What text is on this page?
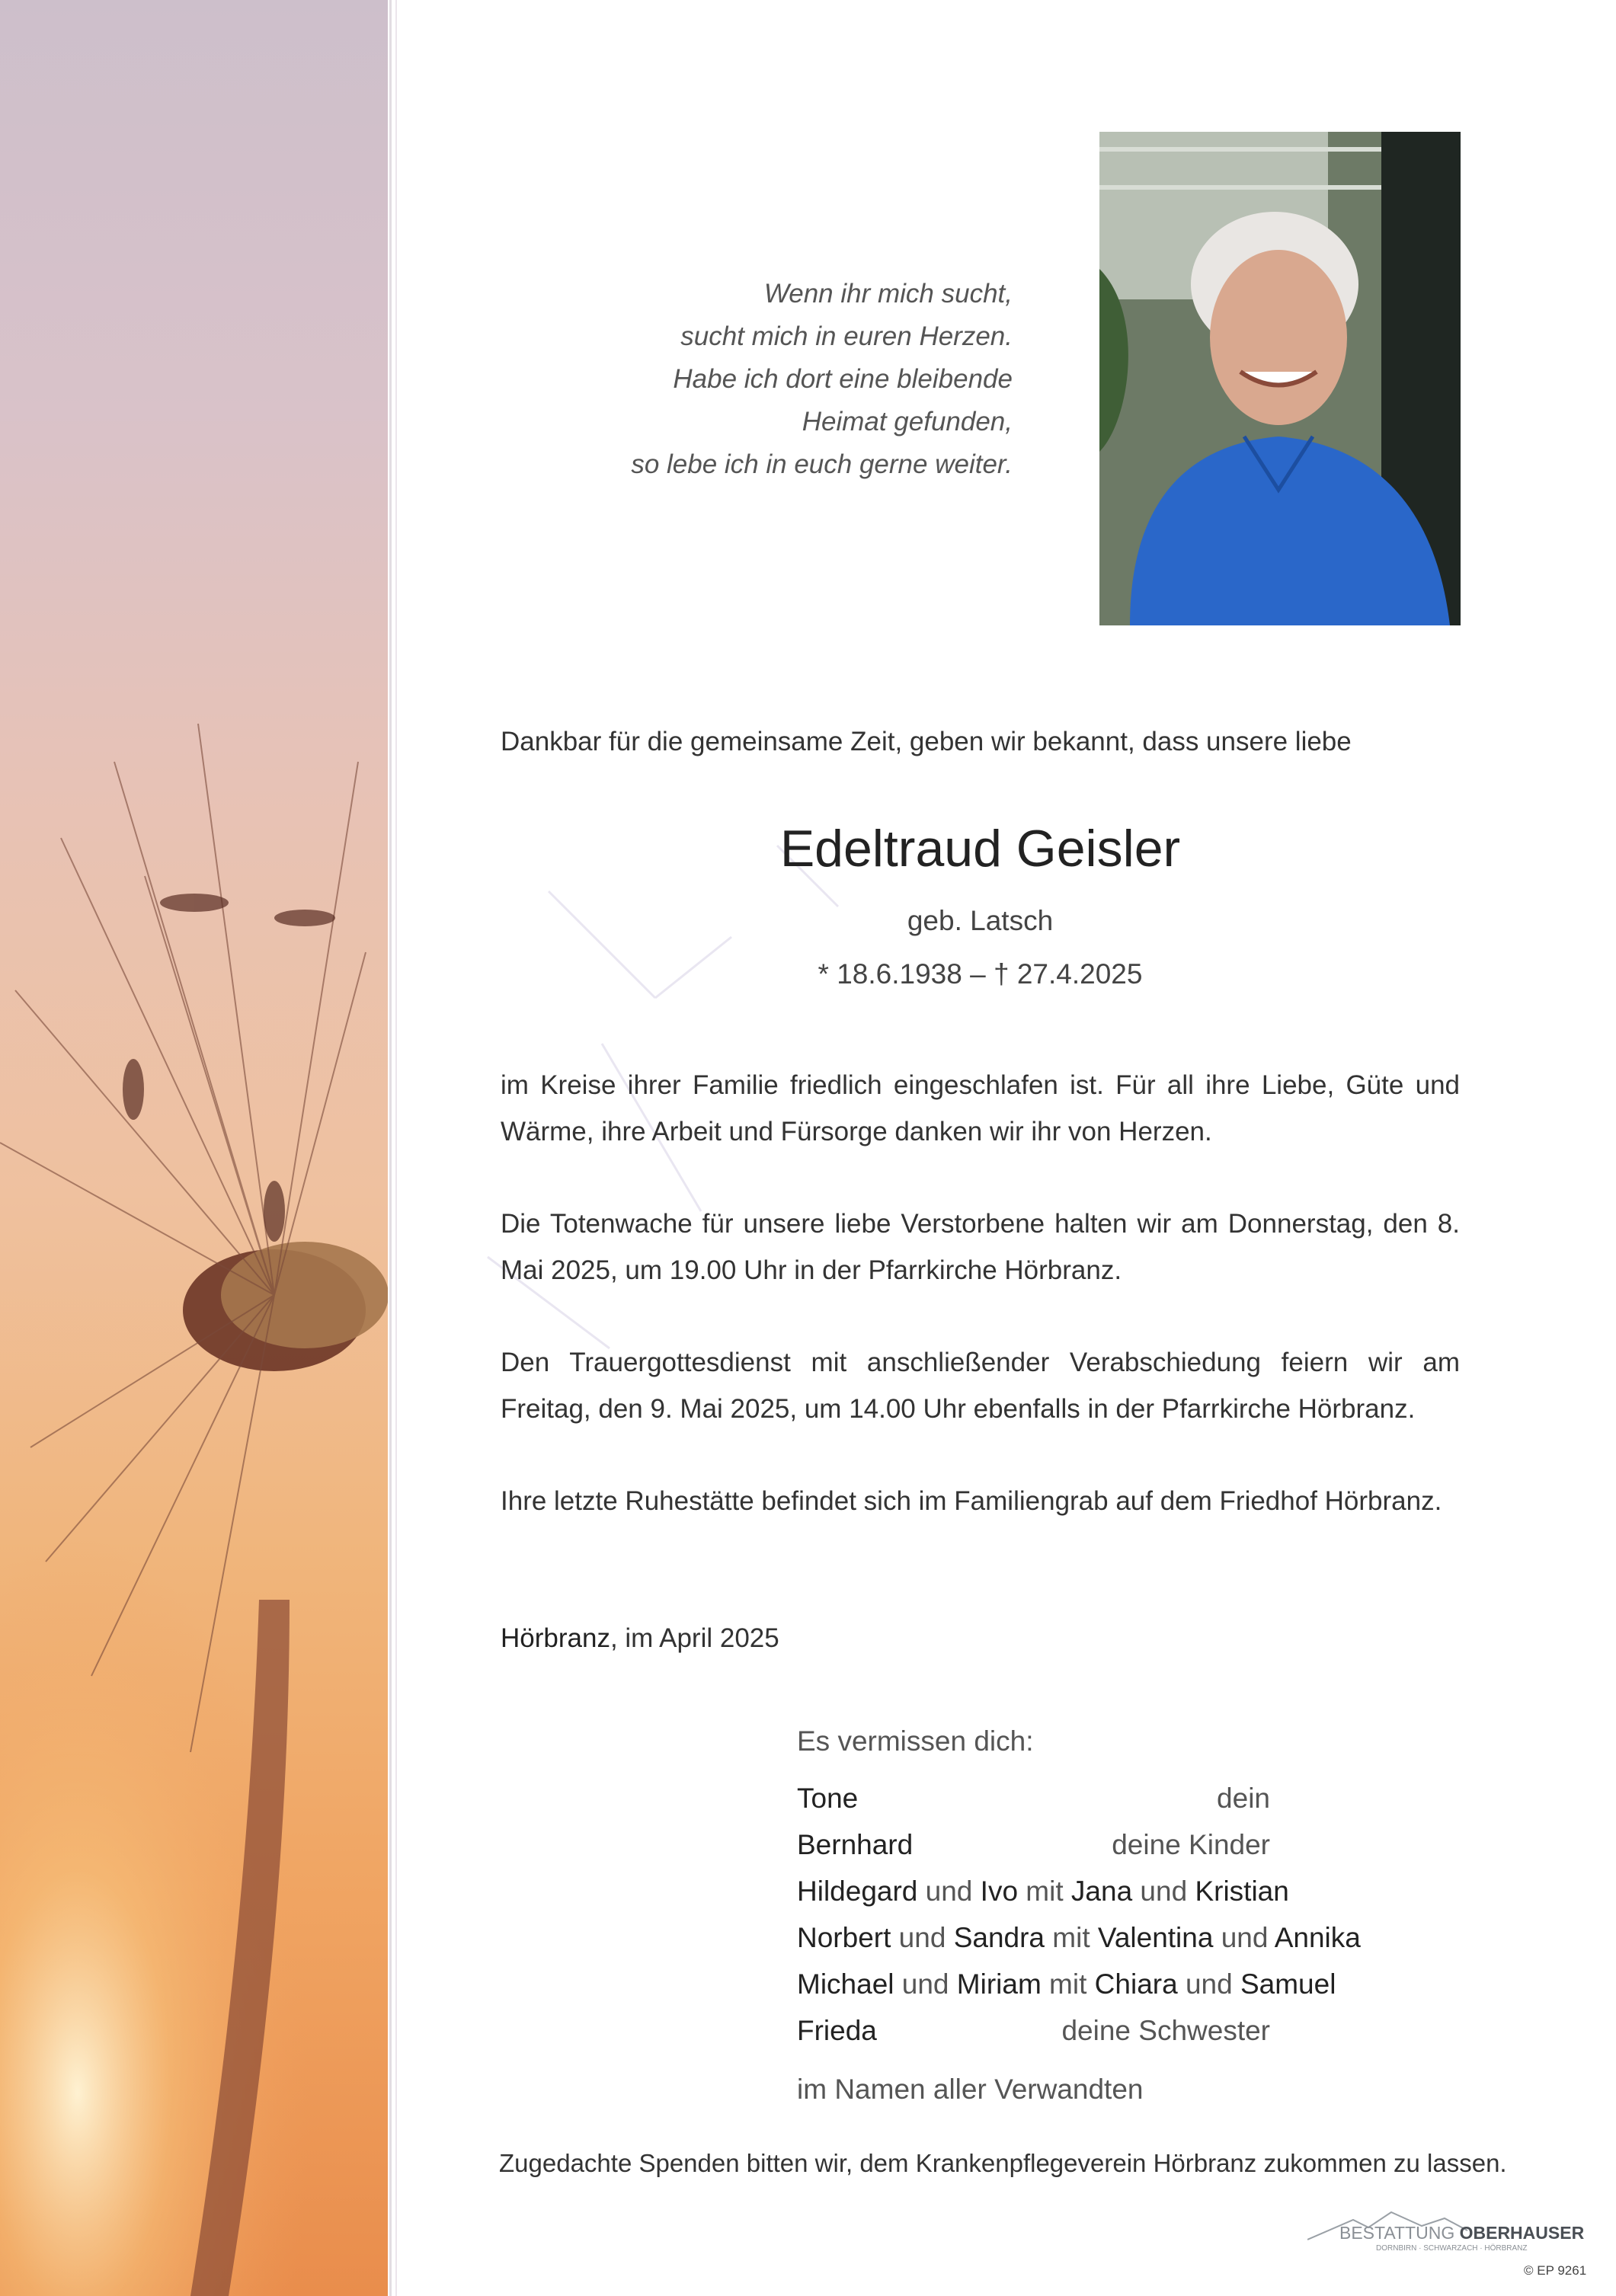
Wenn ihr mich sucht,
sucht mich in euren Herzen.
Habe ich dort eine bleibende
Heimat gefunden,
so lebe ich in euch gerne weiter.
Dankbar für die gemeinsame Zeit, geben wir bekannt, dass unsere liebe
Edeltraud Geisler
geb. Latsch
* 18.6.1938 – † 27.4.2025
im Kreise ihrer Familie friedlich eingeschlafen ist. Für all ihre Liebe, Güte und Wärme, ihre Arbeit und Fürsorge danken wir ihr von Herzen.
Die Totenwache für unsere liebe Verstorbene halten wir am Donnerstag, den 8. Mai 2025, um 19.00 Uhr in der Pfarrkirche Hörbranz.
Den Trauergottesdienst mit anschließender Verabschiedung feiern wir am Freitag, den 9. Mai 2025, um 14.00 Uhr ebenfalls in der Pfarrkirche Hörbranz.
Ihre letzte Ruhestätte befindet sich im Familiengrab auf dem Friedhof Hörbranz.
Hörbranz, im April 2025
Es vermissen dich:
dein
Tone
deine Kinder
Bernhard
Hildegard und Ivo mit Jana und Kristian
Norbert und Sandra mit Valentina und Annika
Michael und Miriam mit Chiara und Samuel
deine Schwester
Frieda
im Namen aller Verwandten
Zugedachte Spenden bitten wir, dem Krankenpflegeverein Hörbranz zukommen zu lassen.
BESTATTUNG OBERHAUSER
DORNBIRN · SCHWARZACH · HÖRBRANZ
© EP 9261
